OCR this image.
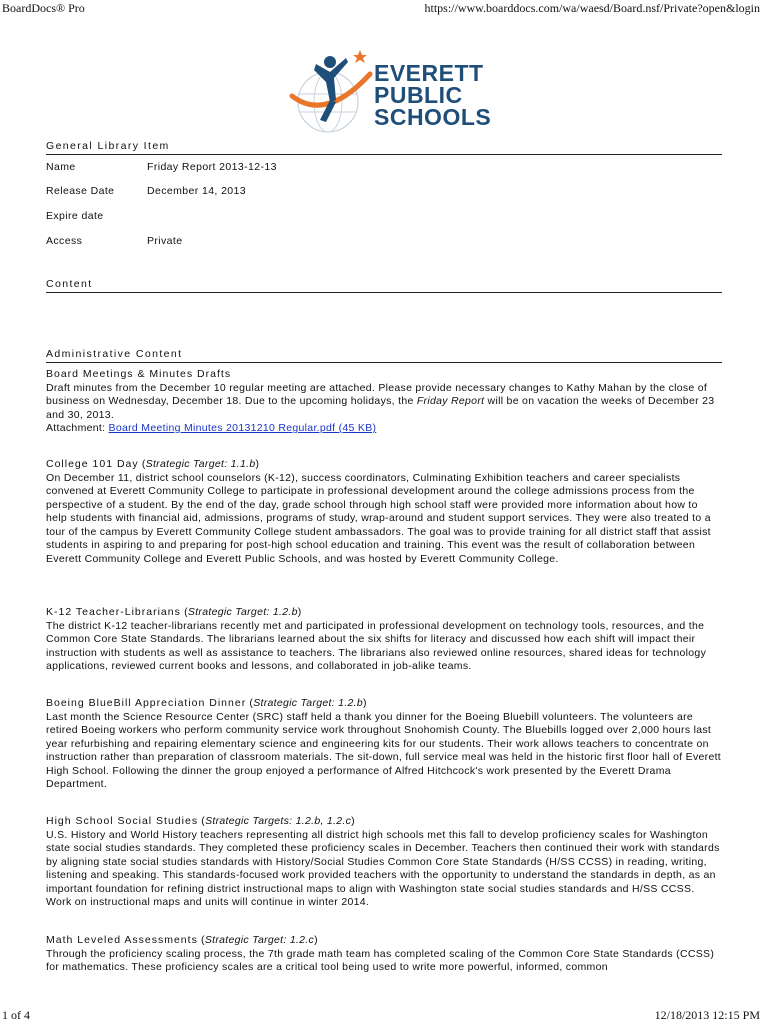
BoardDocs® Pro	https://www.boarddocs.com/wa/waesd/Board.nsf/Private?open&login
EVERETT
PUBLIC
SCHOOLS
General Library Item
Name	Friday Report 2013-12-13
Release Date	December 14, 2013
Expire date
Access	Private
Content
Administrative Content
Board Meetings & Minutes Drafts

Draft minutes from the December 10 regular meeting are attached. Please provide necessary changes to Kathy Mahan by the close of business on Wednesday, December 18. Due to the upcoming holidays, the Friday Report will be on vacation the weeks of December 23 and 30, 2013.

Attachment: Board Meeting Minutes 20131210 Regular.pdf (45 KB)
College 101 Day (Strategic Target: 1.1.b)

On December 11, district school counselors (K-12), success coordinators, Culminating Exhibition teachers and career specialists convened at Everett Community College to participate in professional development around the college admissions process from the perspective of a student. By the end of the day, grade school through high school staff were provided more information about how to help students with financial aid, admissions, programs of study, wrap-around and student support services. They were also treated to a tour of the campus by Everett Community College student ambassadors. The goal was to provide training for all district staff that assist students in aspiring to and preparing for post-high school education and training. This event was the result of collaboration between Everett Community College and Everett Public Schools, and was hosted by Everett Community College.

K-12 Teacher-Librarians (Strategic Target: 1.2.b)

The district K-12 teacher-librarians recently met and participated in professional development on technology tools, resources, and the Common Core State Standards. The librarians learned about the six shifts for literacy and discussed how each shift will impact their instruction with students as well as assistance to teachers. The librarians also reviewed online resources, shared ideas for technology applications, reviewed current books and lessons, and collaborated in job-alike teams.

Boeing BlueBill Appreciation Dinner (Strategic Target: 1.2.b)

Last month the Science Resource Center (SRC) staff held a thank you dinner for the Boeing Bluebill volunteers. The volunteers are retired Boeing workers who perform community service work throughout Snohomish County. The Bluebills logged over 2,000 hours last year refurbishing and repairing elementary science and engineering kits for our students. Their work allows teachers to concentrate on instruction rather than preparation of classroom materials. The sit-down, full service meal was held in the historic first floor hall of Everett High School. Following the dinner the group enjoyed a performance of Alfred Hitchcock's work presented by the Everett Drama Department.

High School Social Studies (Strategic Targets: 1.2.b, 1.2.c)

U.S. History and World History teachers representing all district high schools met this fall to develop proficiency scales for Washington state social studies standards. They completed these proficiency scales in December. Teachers then continued their work with standards by aligning state social studies standards with History/Social Studies Common Core State Standards (H/SS CCSS) in reading, writing, listening and speaking. This standards-focused work provided teachers with the opportunity to understand the standards in depth, as an important foundation for refining district instructional maps to align with Washington state social studies standards and H/SS CCSS. Work on instructional maps and units will continue in winter 2014.

Math Leveled Assessments (Strategic Target: 1.2.c)

Through the proficiency scaling process, the 7th grade math team has completed scaling of the Common Core State Standards (CCSS) for mathematics. These proficiency scales are a critical tool being used to write more powerful, informed, common

1 of 4	12/18/2013 12:15 PM
